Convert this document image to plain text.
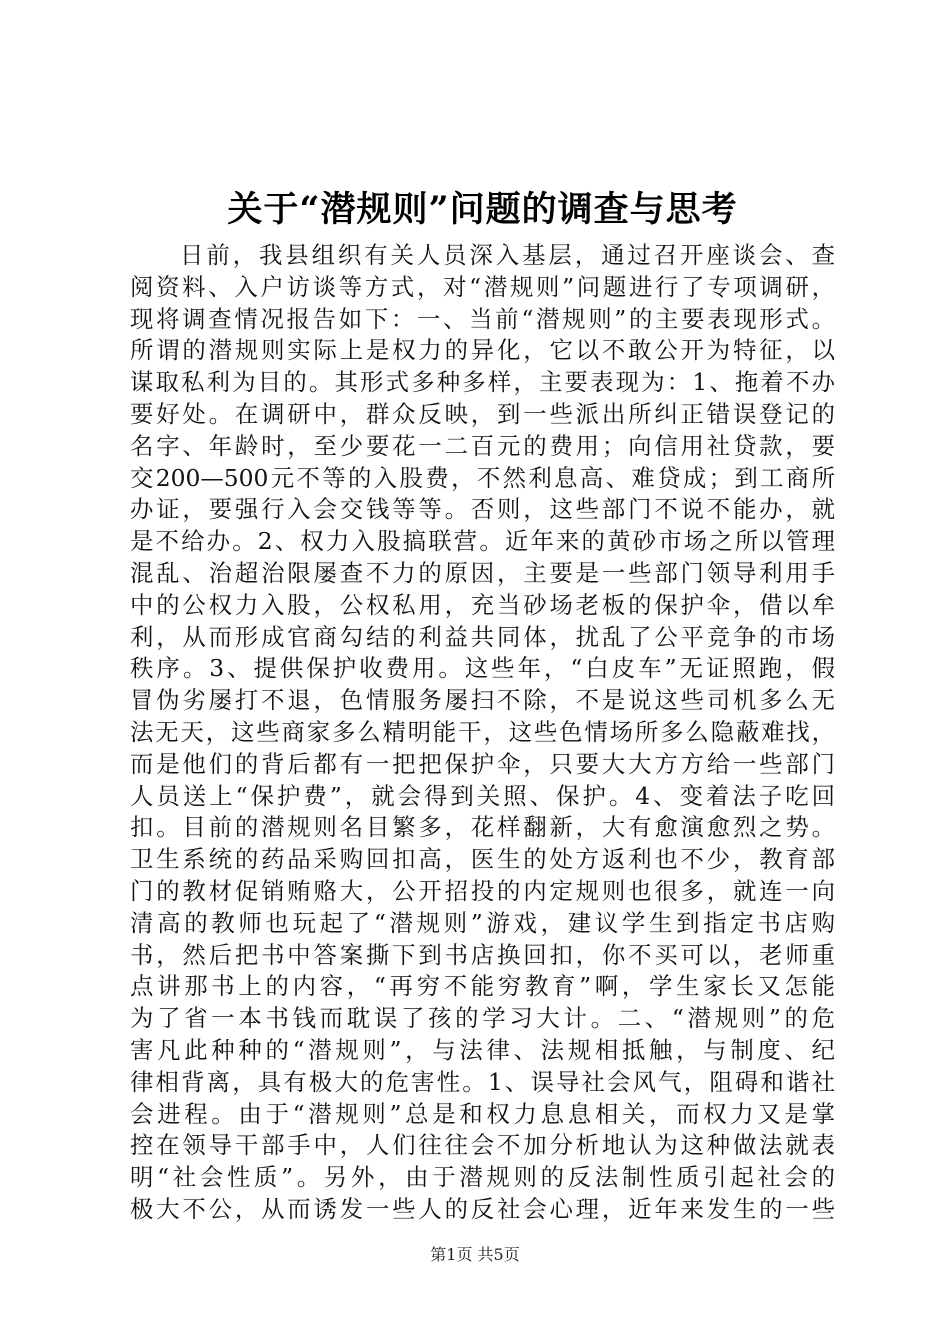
关于“潜规则”问题的调查与思考
日前，我县组织有关人员深入基层，通过召开座谈会、查
阅资料、入户访谈等方式，对“潜规则”问题进行了专项调研，
现将调查情况报告如下：一、当前“潜规则”的主要表现形式。
所谓的潜规则实际上是权力的异化，它以不敢公开为特征，以
谋取私利为目的。其形式多种多样，主要表现为：1、拖着不办
要好处。在调研中，群众反映，到一些派出所纠正错误登记的
名字、年龄时，至少要花一二百元的费用；向信用社贷款，要
交200—500元不等的入股费，不然利息高、难贷成；到工商所
办证，要强行入会交钱等等。否则，这些部门不说不能办，就
是不给办。2、权力入股搞联营。近年来的黄砂市场之所以管理
混乱、治超治限屡查不力的原因，主要是一些部门领导利用手
中的公权力入股，公权私用，充当砂场老板的保护伞，借以牟
利，从而形成官商勾结的利益共同体，扰乱了公平竞争的市场
秩序。3、提供保护收费用。这些年，“白皮车”无证照跑，假
冒伪劣屡打不退，色情服务屡扫不除，不是说这些司机多么无
法无天，这些商家多么精明能干，这些色情场所多么隐蔽难找，
而是他们的背后都有一把把保护伞，只要大大方方给一些部门
人员送上“保护费”，就会得到关照、保护。4、变着法子吃回
扣。目前的潜规则名目繁多，花样翻新，大有愈演愈烈之势。
卫生系统的药品采购回扣高，医生的处方返利也不少，教育部
门的教材促销贿赂大，公开招投的内定规则也很多，就连一向
清高的教师也玩起了“潜规则”游戏，建议学生到指定书店购
书，然后把书中答案撕下到书店换回扣，你不买可以，老师重
点讲那书上的内容，“再穷不能穷教育”啊，学生家长又怎能
为了省一本书钱而耽误了孩的学习大计。二、“潜规则”的危
害凡此种种的“潜规则”，与法律、法规相抵触，与制度、纪
律相背离，具有极大的危害性。1、误导社会风气，阻碍和谐社
会进程。由于“潜规则”总是和权力息息相关，而权力又是掌
控在领导干部手中，人们往往会不加分析地认为这种做法就表
明“社会性质”。另外，由于潜规则的反法制性质引起社会的
极大不公，从而诱发一些人的反社会心理，近年来发生的一些
第1页 共5页
